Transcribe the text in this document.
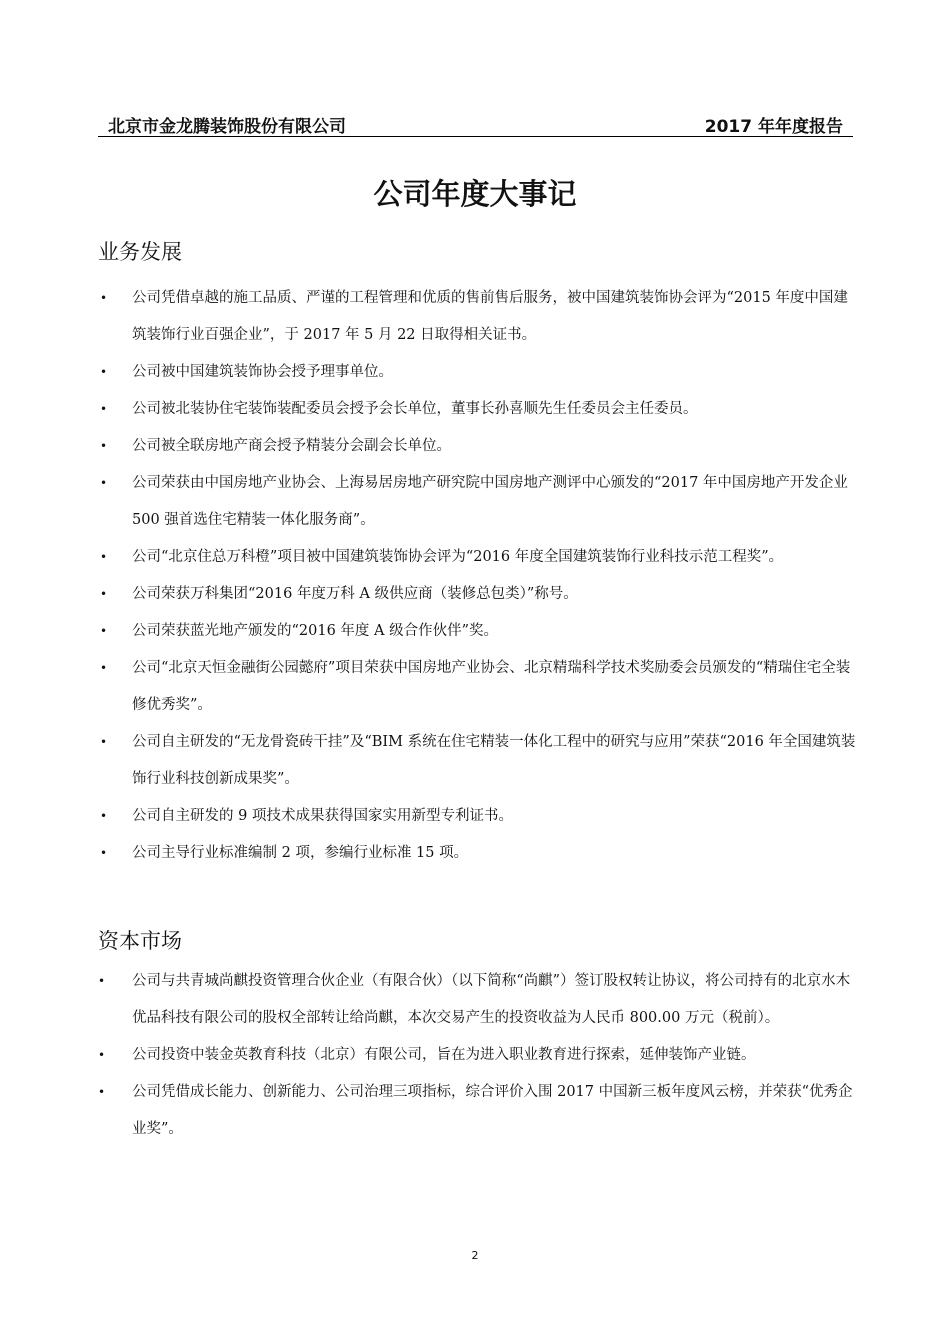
北京市金龙腾装饰股份有限公司	2017 年年度报告
公司年度大事记
业务发展
• 公司凭借卓越的施工品质、严谨的工程管理和优质的售前售后服务，被中国建筑装饰协会评为“2015 年度中国建筑装饰行业百强企业”，于 2017 年 5 月 22 日取得相关证书。
• 公司被中国建筑装饰协会授予理事单位。
• 公司被北装协住宅装饰装配委员会授予会长单位，董事长孙喜顺先生任委员会主任委员。
• 公司被全联房地产商会授予精装分会副会长单位。
• 公司荣获由中国房地产业协会、上海易居房地产研究院中国房地产测评中心颁发的“2017 年中国房地产开发企业 500 强首选住宅精装一体化服务商”。
• 公司“北京住总万科橙”项目被中国建筑装饰协会评为“2016 年度全国建筑装饰行业科技示范工程奖”。
• 公司荣获万科集团“2016 年度万科 A 级供应商（装修总包类）”称号。
• 公司荣获蓝光地产颁发的“2016 年度 A 级合作伙伴”奖。
• 公司“北京天恒金融街公园懿府”项目荣获中国房地产业协会、北京精瑞科学技术奖励委会员颁发的“精瑞住宅全装修优秀奖”。
• 公司自主研发的“无龙骨瓷砖干挂”及“BIM 系统在住宅精装一体化工程中的研究与应用”荣获“2016 年全国建筑装饰行业科技创新成果奖”。
• 公司自主研发的 9 项技术成果获得国家实用新型专利证书。
• 公司主导行业标准编制 2 项，参编行业标准 15 项。
资本市场
• 公司与共青城尚麒投资管理合伙企业（有限合伙）（以下简称“尚麒”）签订股权转让协议，将公司持有的北京水木优品科技有限公司的股权全部转让给尚麒，本次交易产生的投资收益为人民币 800.00 万元（税前）。
• 公司投资中装金英教育科技（北京）有限公司，旨在为进入职业教育进行探索，延伸装饰产业链。
• 公司凭借成长能力、创新能力、公司治理三项指标，综合评价入围 2017 中国新三板年度风云榜，并荣获“优秀企业奖”。
2
